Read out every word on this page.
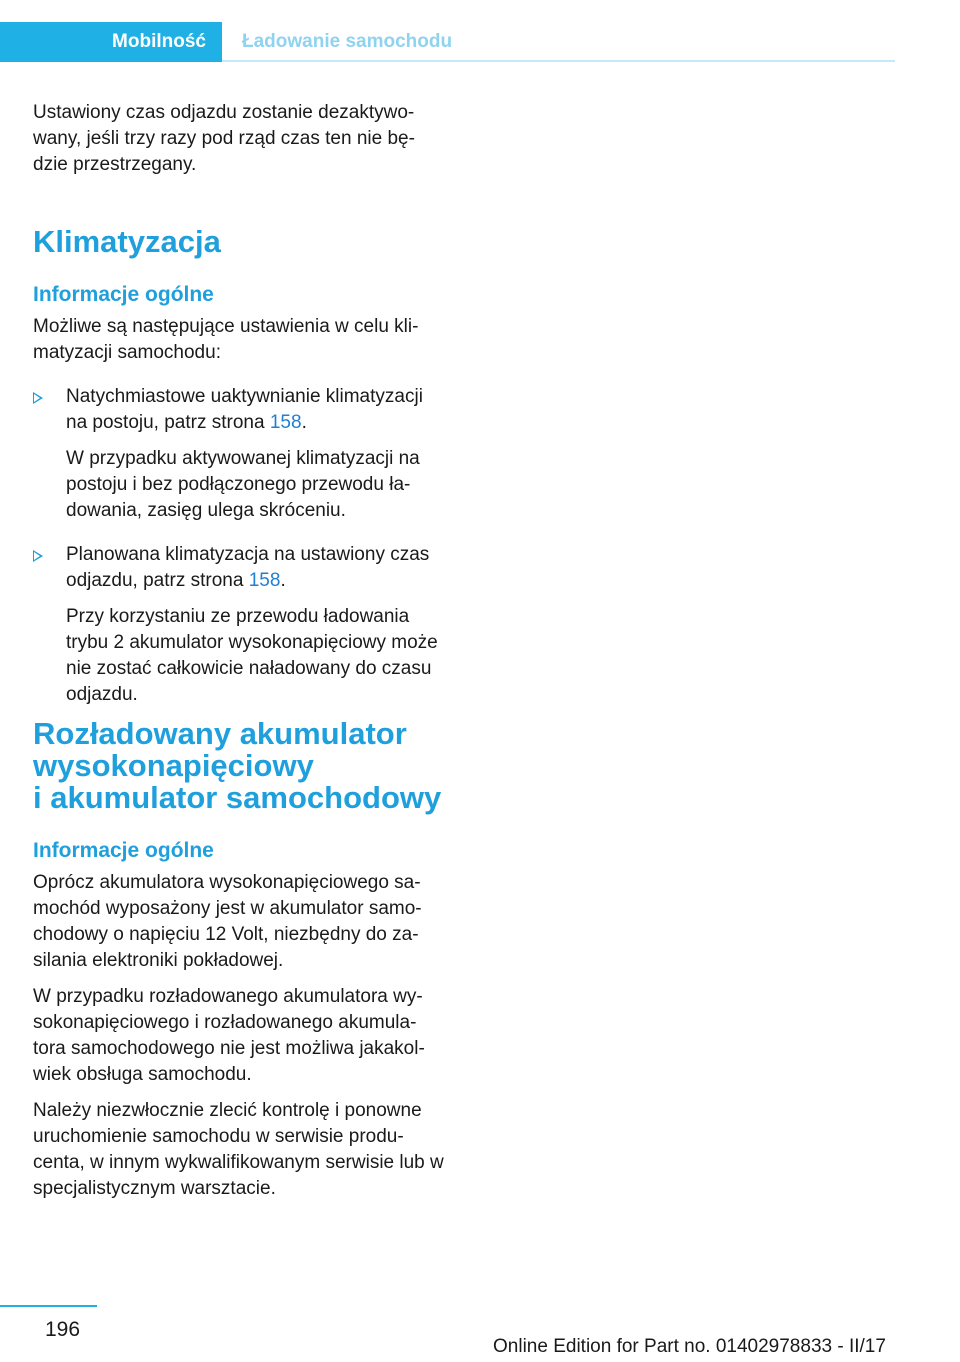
Mobilność	Ładowanie samochodu

Ustawiony czas odjazdu zostanie dezaktywo-wany, jeśli trzy razy pod rząd czas ten nie bę-dzie przestrzegany.

Klimatyzacja
Informacje ogólne

Możliwe są następujące ustawienia w celu kli-matyzacji samochodu:

Natychmiastowe uaktywnianie klimatyzacji na postoju, patrz strona 158.

W przypadku aktywowanej klimatyzacji na postoju i bez podłączonego przewodu ła-dowania, zasięg ulega skróceniu.

Planowana klimatyzacja na ustawiony czas odjazdu, patrz strona 158.

Przy korzystaniu ze przewodu ładowania trybu 2 akumulator wysokonapięciowy może nie zostać całkowicie naładowany do czasu odjazdu.

Rozładowany akumulator
wysokonapięciowy
i akumulator samochodowy
Informacje ogólne

Oprócz akumulatora wysokonapięciowego sa-mochód wyposażony jest w akumulator samo-chodowy o napięciu 12 Volt, niezbędny do za-silania elektroniki pokładowej.

W przypadku rozładowanego akumulatora wy-sokonapięciowego i rozładowanego akumula-tora samochodowego nie jest możliwa jakakol-wiek obsługa samochodu.

Należy niezwłocznie zlecić kontrolę i ponowne uruchomienie samochodu w serwisie produ-centa, w innym wykwalifikowanym serwisie lub w specjalistycznym warsztacie.

196
Online Edition for Part no. 01402978833 - II/17
